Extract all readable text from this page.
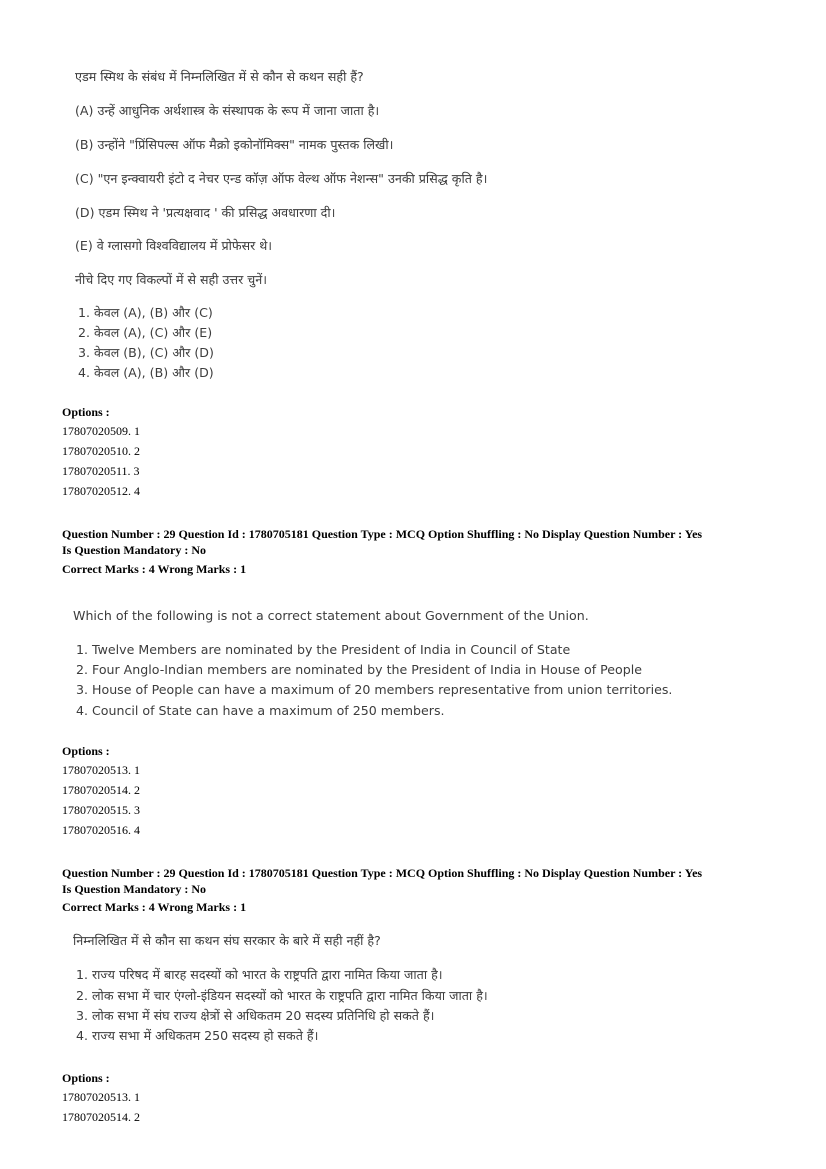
एडम स्मिथ के संबंध में निम्नलिखित में से कौन से कथन सही हैं?
(A) उन्हें आधुनिक अर्थशास्त्र के संस्थापक के रूप में जाना जाता है।
(B) उन्होंने "प्रिंसिपल्स ऑफ मैक्रो इकोनॉमिक्स" नामक पुस्तक लिखी।
(C) "एन इन्क्वायरी इंटो द नेचर एन्ड कॉज़ ऑफ वेल्थ ऑफ नेशन्स" उनकी प्रसिद्ध कृति है।
(D) एडम स्मिथ ने 'प्रत्यक्षवाद ' की प्रसिद्ध अवधारणा दी।
(E) वे ग्लासगो विश्वविद्यालय में प्रोफेसर थे।
नीचे दिए गए विकल्पों में से सही उत्तर चुनें।
1. केवल (A), (B) और (C)
2. केवल (A), (C) और (E)
3. केवल (B), (C) और (D)
4. केवल (A), (B) और (D)
Options :
17807020509. 1
17807020510. 2
17807020511. 3
17807020512. 4
Question Number : 29 Question Id : 1780705181 Question Type : MCQ Option Shuffling : No Display Question Number : Yes
Is Question Mandatory : No
Correct Marks : 4 Wrong Marks : 1
Which of the following is not a correct statement about Government of the Union.
1. Twelve Members are nominated by the President of India in Council of State
2. Four Anglo-Indian members are nominated by the President of India in House of People
3. House of People can have a maximum of 20 members representative from union territories.
4. Council of State can have a maximum of 250 members.
Options :
17807020513. 1
17807020514. 2
17807020515. 3
17807020516. 4
Question Number : 29 Question Id : 1780705181 Question Type : MCQ Option Shuffling : No Display Question Number : Yes
Is Question Mandatory : No
Correct Marks : 4 Wrong Marks : 1
निम्नलिखित में से कौन सा कथन संघ सरकार के बारे में सही नहीं है?
1. राज्य परिषद में बारह सदस्यों को भारत के राष्ट्रपति द्वारा नामित किया जाता है।
2. लोक सभा में चार एंग्लो-इंडियन सदस्यों को भारत के राष्ट्रपति द्वारा नामित किया जाता है।
3. लोक सभा में संघ राज्य क्षेत्रों से अधिकतम 20 सदस्य प्रतिनिधि हो सकते हैं।
4. राज्य सभा में अधिकतम 250 सदस्य हो सकते हैं।
Options :
17807020513. 1
17807020514. 2
